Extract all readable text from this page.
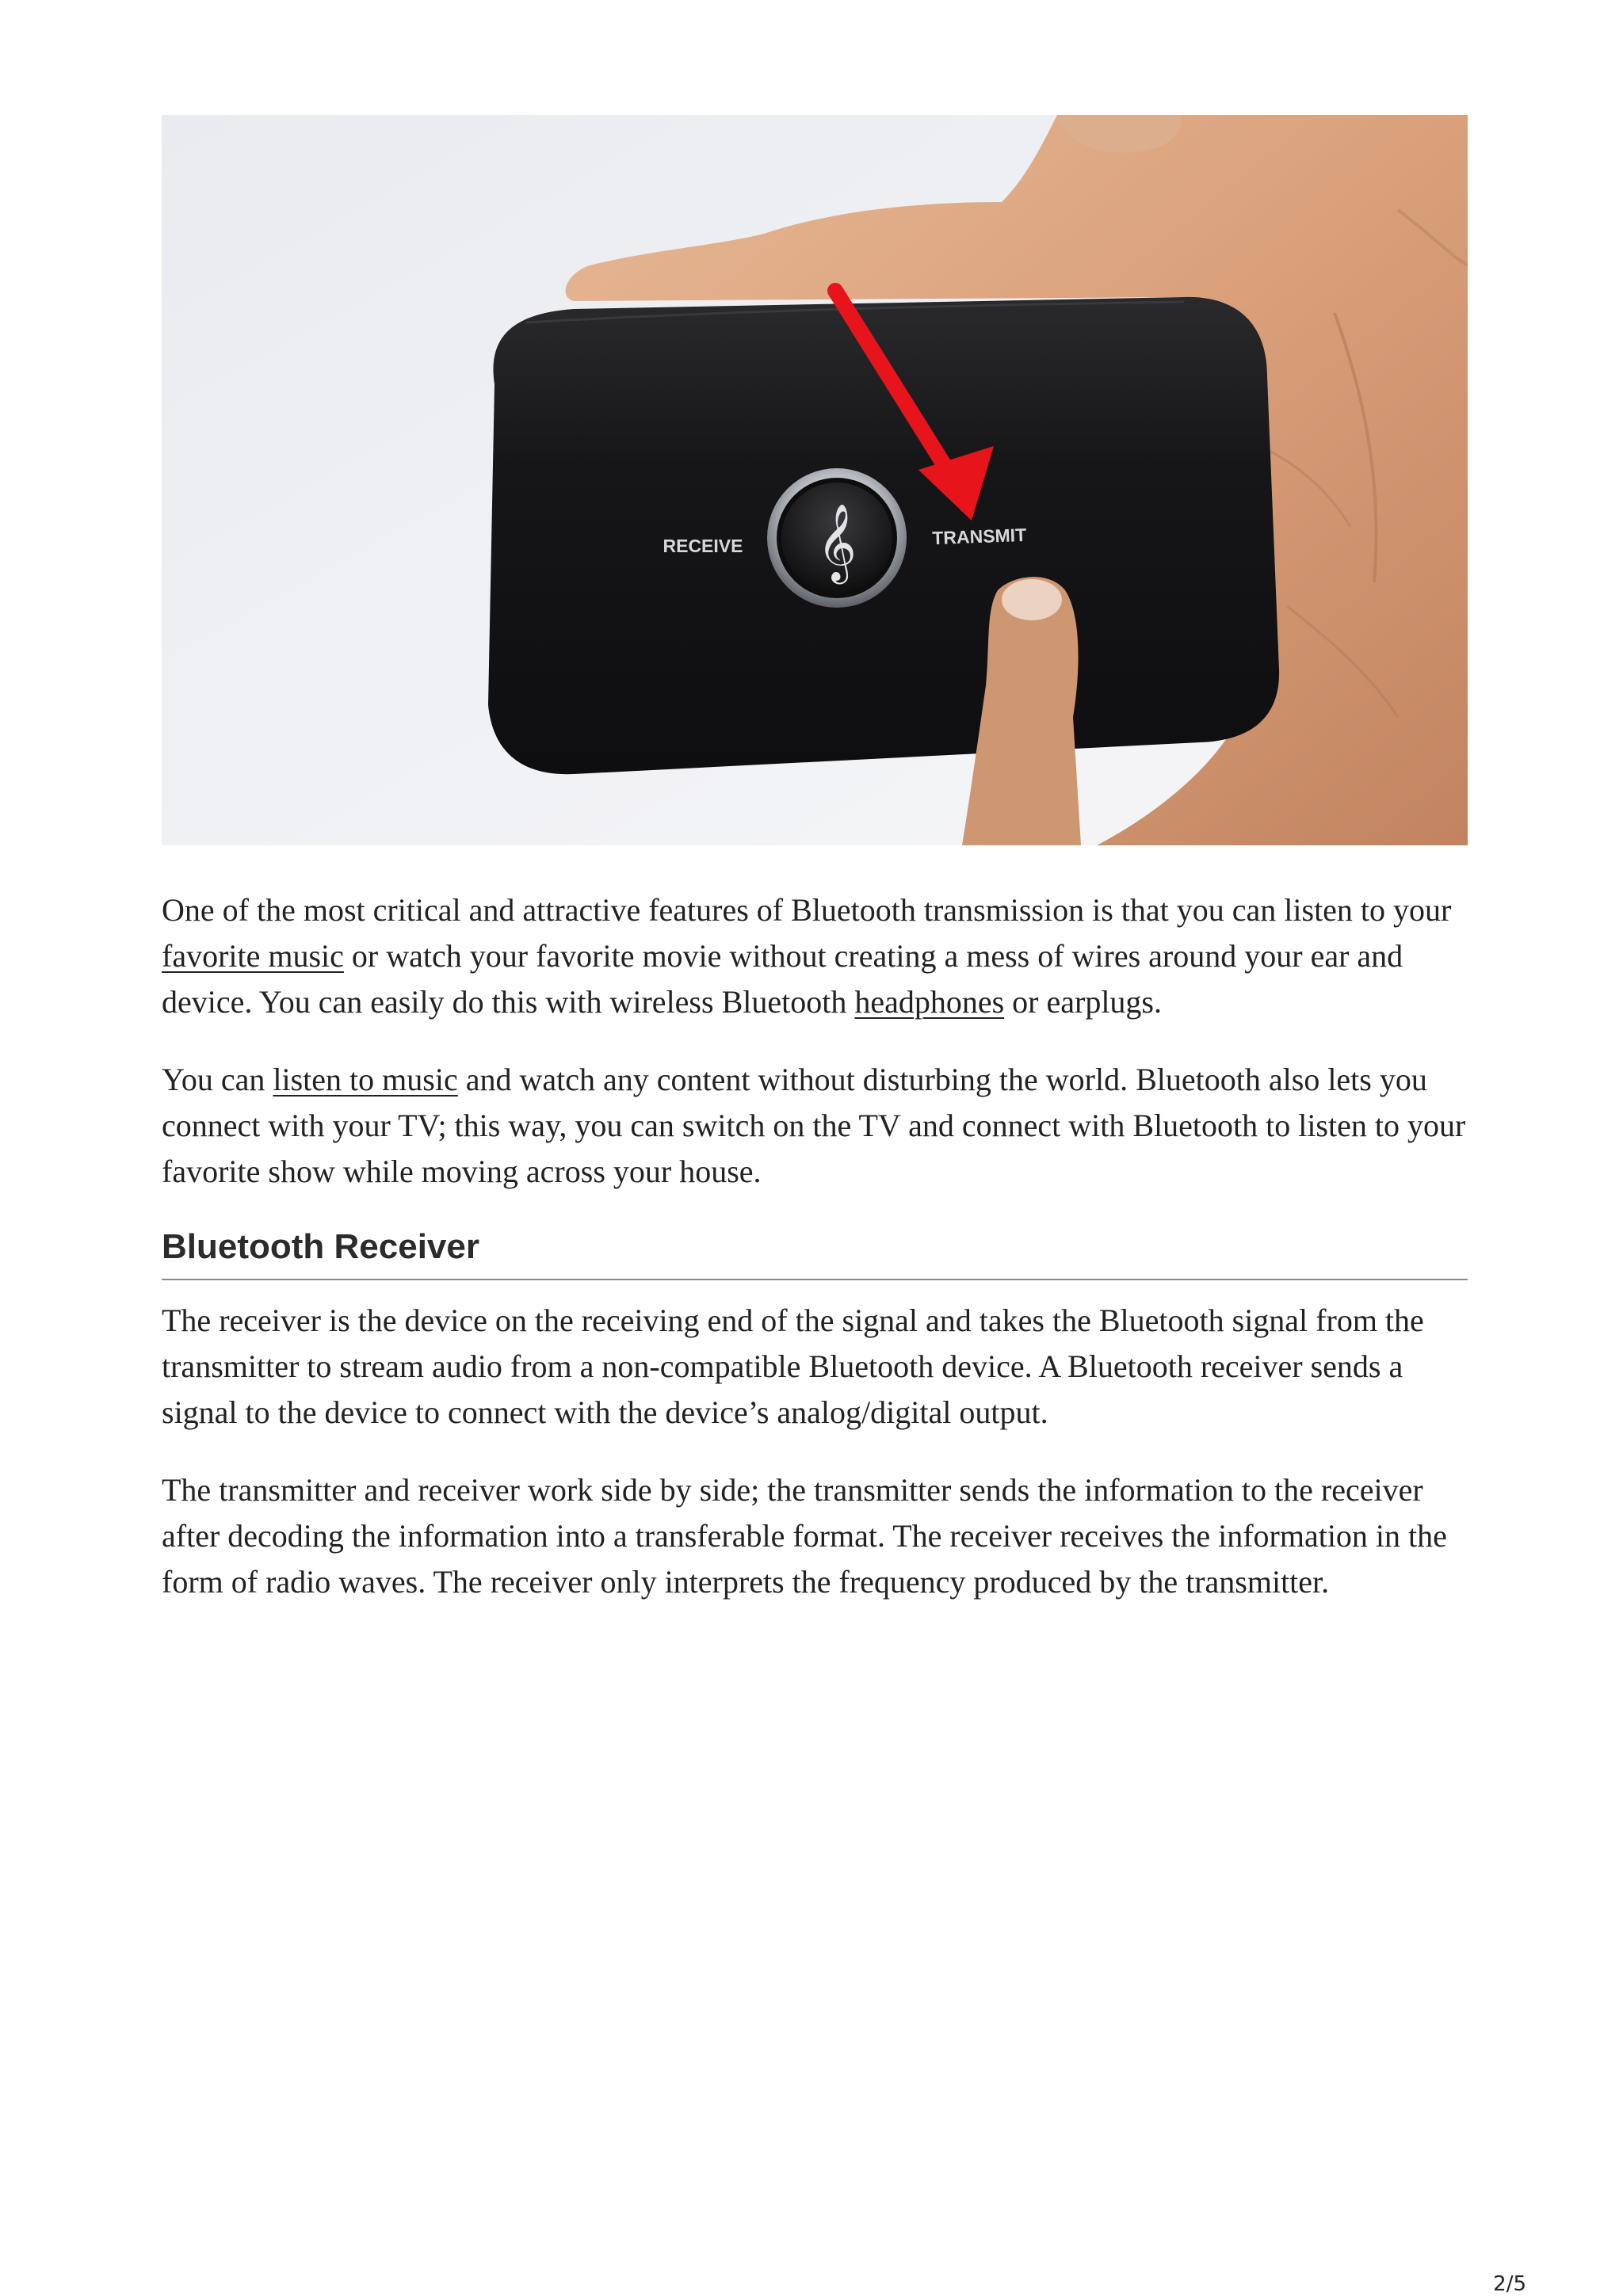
RECEIVE	TRANSMIT
𝄞

One of the most critical and attractive features of Bluetooth transmission is that you can listen to your favorite music or watch your favorite movie without creating a mess of wires around your ear and device. You can easily do this with wireless Bluetooth headphones or earplugs.

You can listen to music and watch any content without disturbing the world. Bluetooth also lets you connect with your TV; this way, you can switch on the TV and connect with Bluetooth to listen to your favorite show while moving across your house.

Bluetooth Receiver

The receiver is the device on the receiving end of the signal and takes the Bluetooth signal from the transmitter to stream audio from a non-compatible Bluetooth device. A Bluetooth receiver sends a signal to the device to connect with the device’s analog/digital output.

The transmitter and receiver work side by side; the transmitter sends the information to the receiver after decoding the information into a transferable format. The receiver receives the information in the form of radio waves. The receiver only interprets the frequency produced by the transmitter.

2/5
